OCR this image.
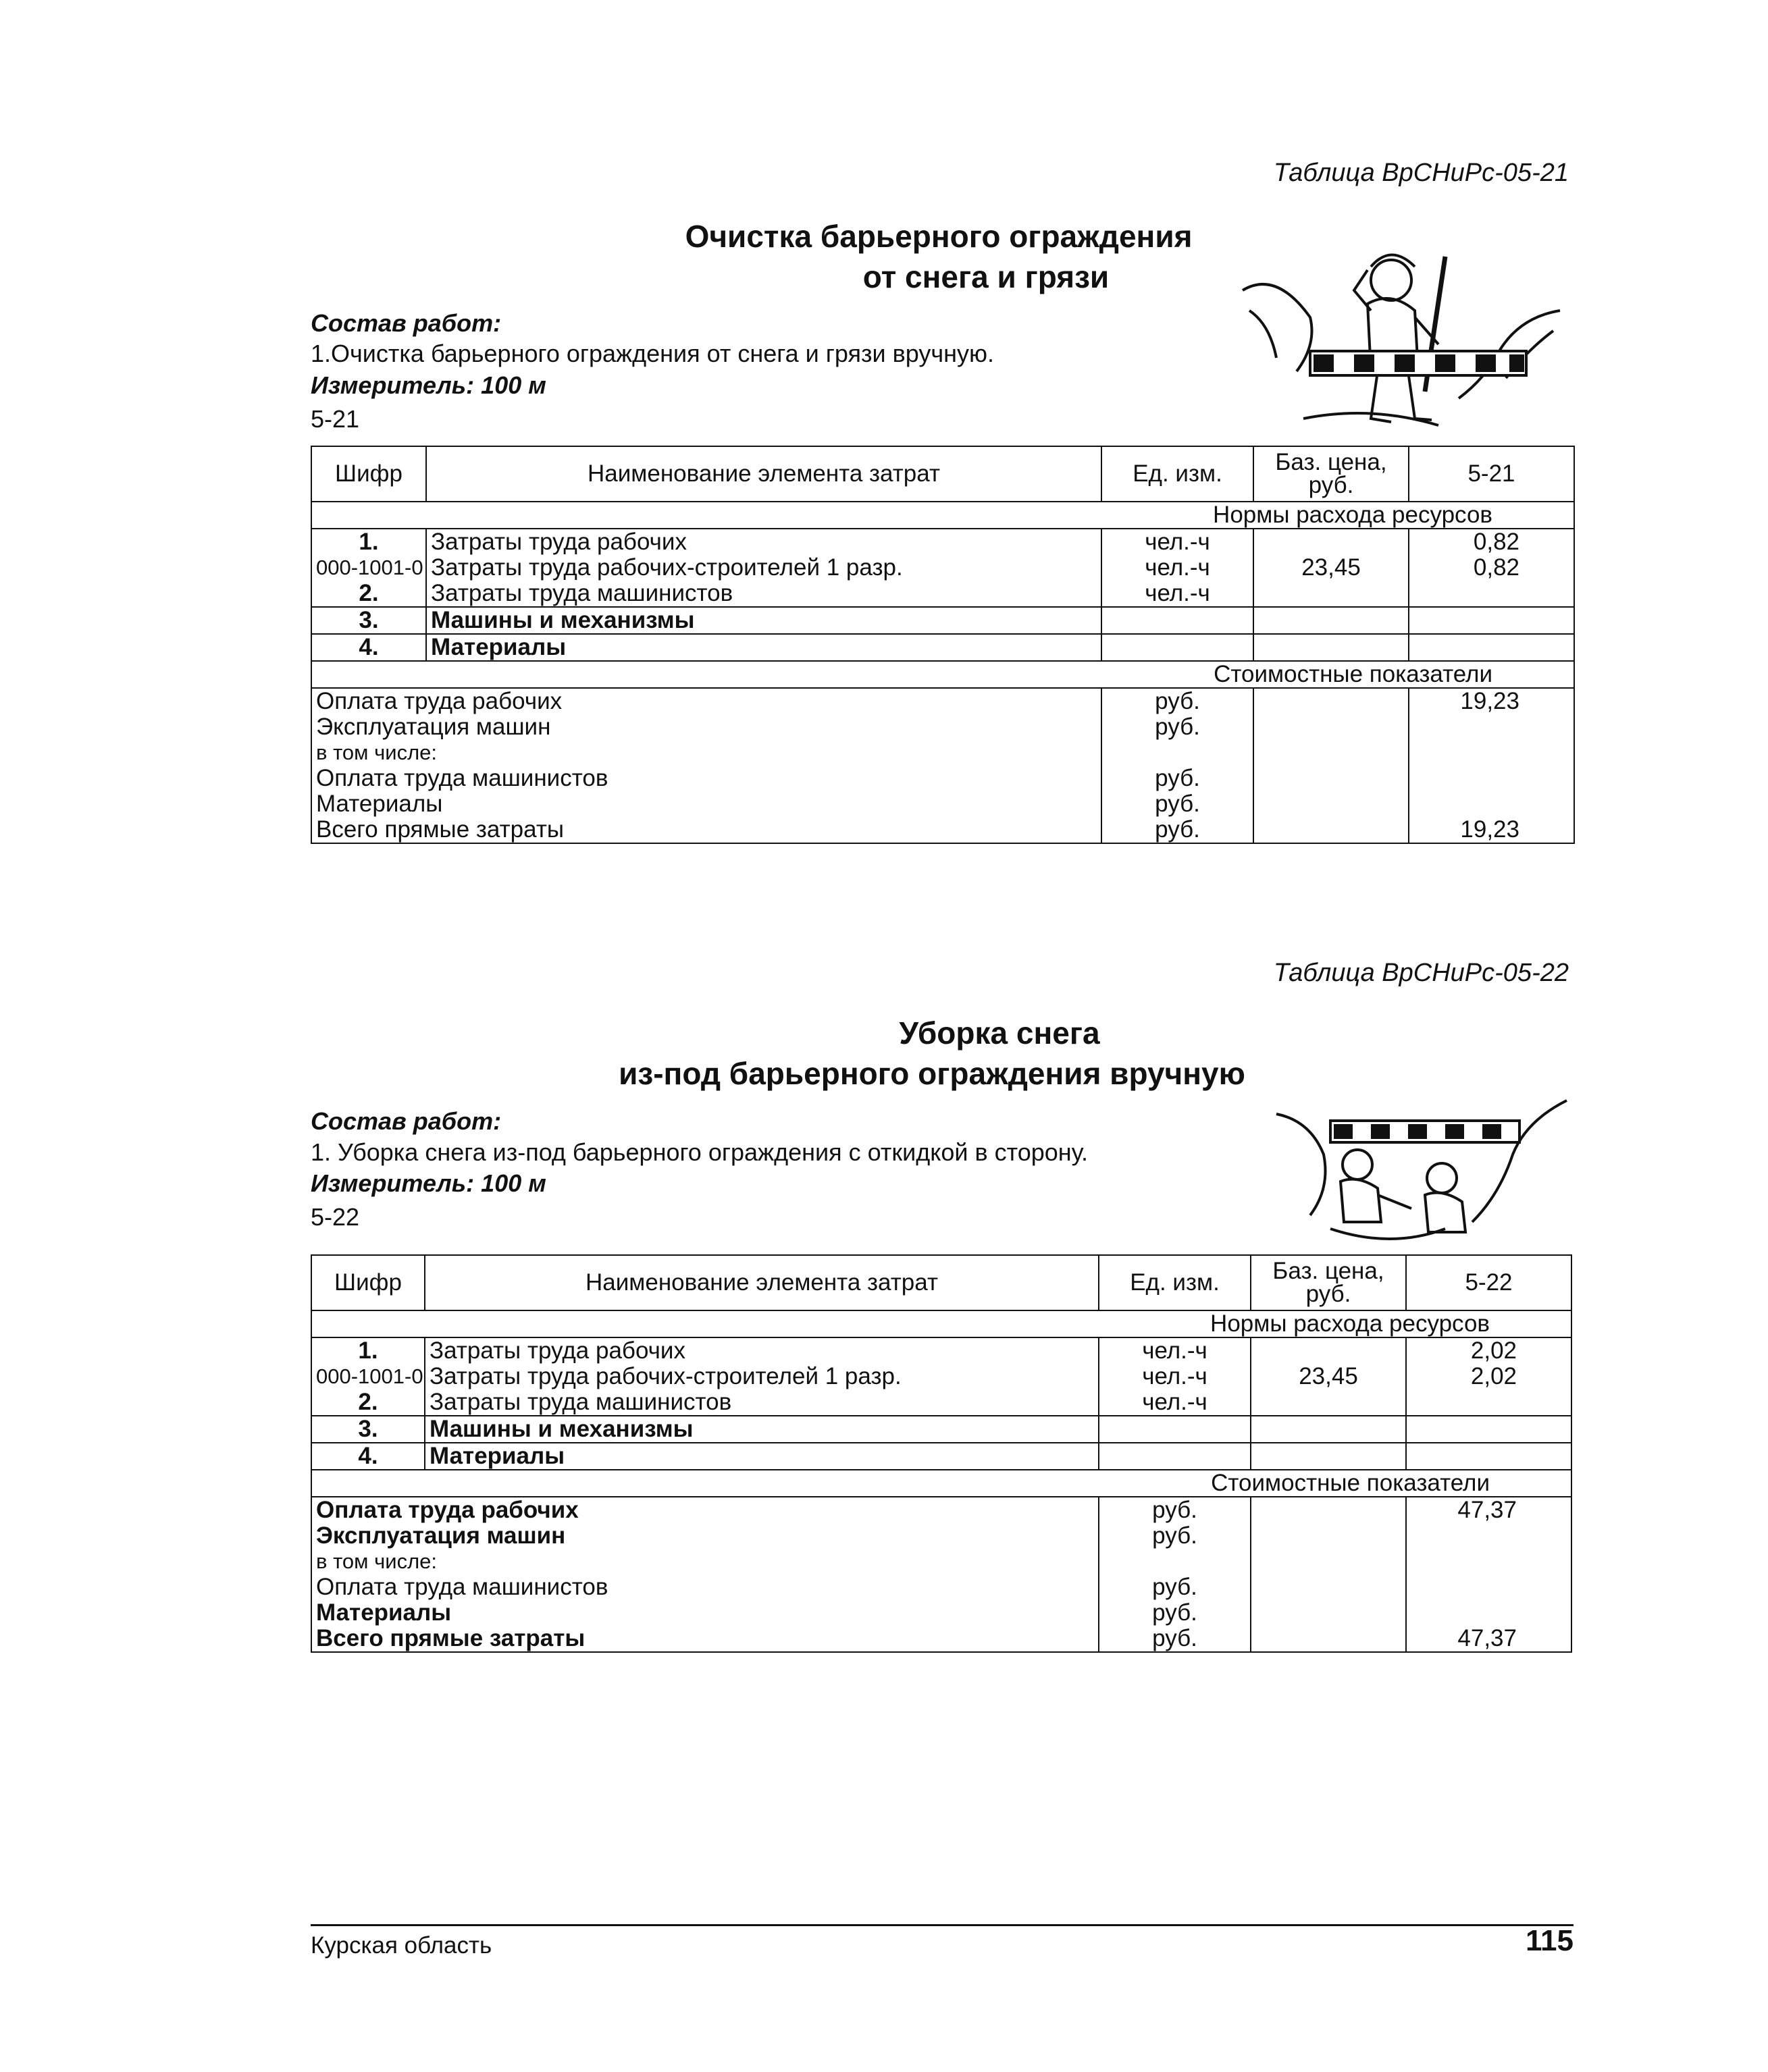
Таблица ВрСНиРс-05-21
Очистка барьерного ограждения
от снега и грязи
Состав работ:
1.Очистка барьерного ограждения от снега и грязи вручную.
Измеритель: 100 м
5-21
Шифр	Наименование элемента затрат	Ед. изм.	Баз. цена, руб.	5-21
Нормы расхода ресурсов				
1.	Затраты труда рабочих	чел.-ч		0,82
000-1001-0	Затраты труда рабочих-строителей 1 разр.	чел.-ч	23,45	0,82
2.	Затраты труда машинистов	чел.-ч		
3.	Машины и механизмы			
4.	Материалы			
Стоимостные показатели				
Оплата труда рабочих		руб.		19,23
Эксплуатация машин		руб.		
в том числе:				
Оплата труда машинистов		руб.		
Материалы		руб.		
Всего прямые затраты		руб.		19,23
Таблица ВрСНиРс-05-22
Уборка снега
из-под барьерного ограждения вручную
Состав работ:
1. Уборка снега из-под барьерного ограждения с откидкой в сторону.
Измеритель: 100 м
5-22
Шифр	Наименование элемента затрат	Ед. изм.	Баз. цена, руб.	5-22
Нормы расхода ресурсов				
1.	Затраты труда рабочих	чел.-ч		2,02
000-1001-0	Затраты труда рабочих-строителей 1 разр.	чел.-ч	23,45	2,02
2.	Затраты труда машинистов	чел.-ч		
3.	Машины и механизмы			
4.	Материалы			
Стоимостные показатели				
Оплата труда рабочих		руб.		47,37
Эксплуатация машин		руб.		
в том числе:				
Оплата труда машинистов		руб.		
Материалы		руб.		
Всего прямые затраты		руб.		47,37
Курская область	115
